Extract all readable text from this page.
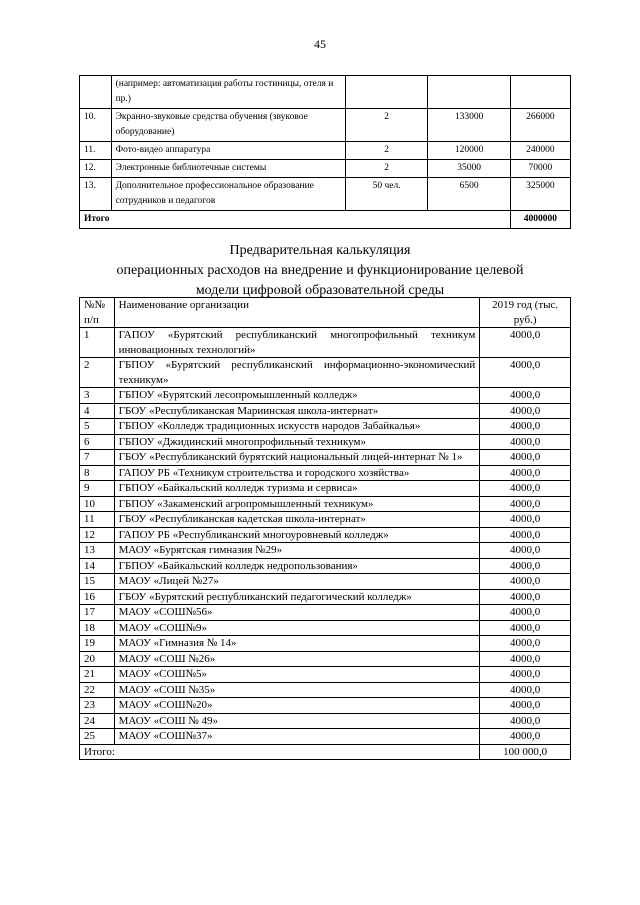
45
	(например: автоматизация работы гостиницы, отеля и пр.)			
10.	Экранно-звуковые средства обучения (звуковое оборудование)	2	133000	266000
11.	Фото-видео аппаратура	2	120000	240000
12.	Электронные библиотечные системы	2	35000	70000
13.	Дополнительное профессиональное образование сотрудников и педагогов	50 чел.	6500	325000
Итого				4000000
Предварительная калькуляция
операционных расходов на внедрение и функционирование целевой
модели цифровой образовательной среды
№№ п/п	Наименование организации	2019 год (тыс. руб.)
1	ГАПОУ «Бурятский республиканский многопрофильный техникум инновационных технологий»	4000,0
2	ГБПОУ «Бурятский республиканский информационно-экономический техникум»	4000,0
3	ГБПОУ «Бурятский лесопромышленный колледж»	4000,0
4	ГБОУ «Республиканская Мариинская школа-интернат»	4000,0
5	ГБПОУ «Колледж традиционных искусств народов Забайкалья»	4000,0
6	ГБПОУ «Джидинский многопрофильный техникум»	4000,0
7	ГБОУ «Республиканский бурятский национальный лицей-интернат № 1»	4000,0
8	ГАПОУ РБ «Техникум строительства и городского хозяйства»	4000,0
9	ГБПОУ «Байкальский колледж туризма и сервиса»	4000,0
10	ГБПОУ «Закаменский агропромышленный техникум»	4000,0
11	ГБОУ «Республиканская кадетская школа-интернат»	4000,0
12	ГАПОУ РБ «Республиканский многоуровневый колледж»	4000,0
13	МАОУ «Бурятская гимназия №29»	4000,0
14	ГБПОУ «Байкальский колледж недропользования»	4000,0
15	МАОУ «Лицей №27»	4000,0
16	ГБОУ «Бурятский республиканский педагогический колледж»	4000,0
17	МАОУ «СОШ№56»	4000,0
18	МАОУ «СОШ№9»	4000,0
19	МАОУ «Гимназия № 14»	4000,0
20	МАОУ «СОШ №26»	4000,0
21	МАОУ «СОШ№5»	4000,0
22	МАОУ «СОШ №35»	4000,0
23	МАОУ «СОШ№20»	4000,0
24	МАОУ «СОШ № 49»	4000,0
25	МАОУ «СОШ№37»	4000,0
Итого:		100 000,0
